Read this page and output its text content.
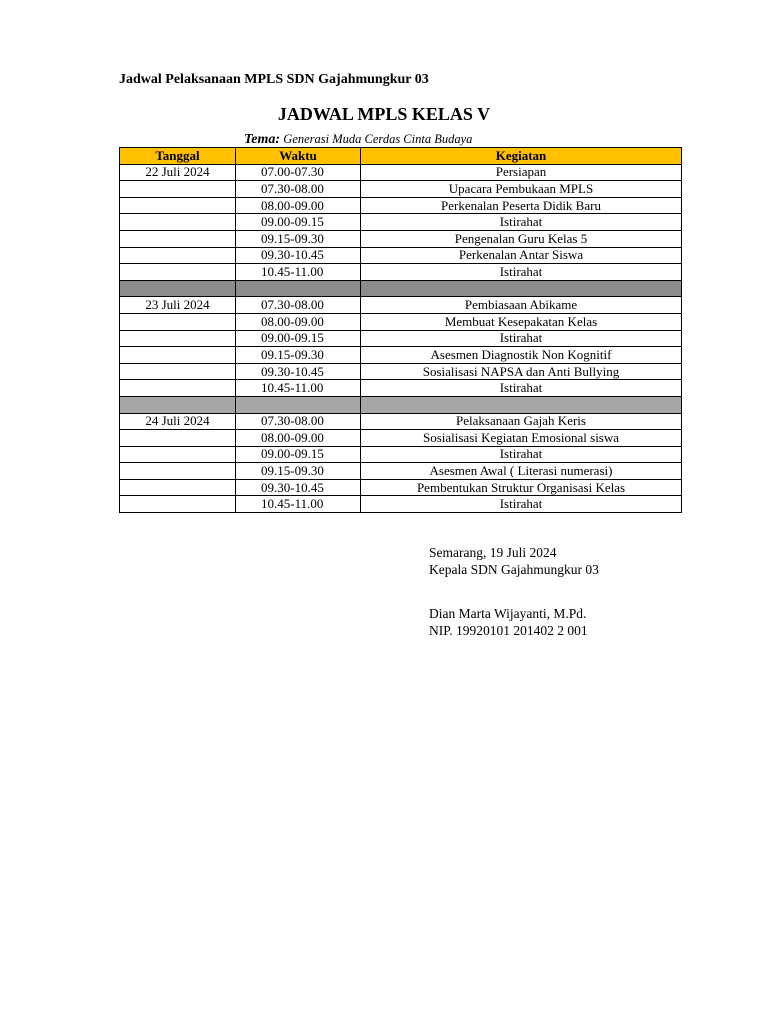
Jadwal Pelaksanaan MPLS SDN Gajahmungkur 03
JADWAL MPLS KELAS V
Tema: Generasi Muda Cerdas Cinta Budaya
Tanggal	Waktu	Kegiatan
22 Juli 2024	07.00-07.30	Persiapan
	07.30-08.00	Upacara Pembukaan MPLS
	08.00-09.00	Perkenalan Peserta Didik Baru
	09.00-09.15	Istirahat
	09.15-09.30	Pengenalan Guru Kelas 5
	09.30-10.45	Perkenalan Antar Siswa
	10.45-11.00	Istirahat

23 Juli 2024	07.30-08.00	Pembiasaan Abikame
	08.00-09.00	Membuat Kesepakatan Kelas
	09.00-09.15	Istirahat
	09.15-09.30	Asesmen Diagnostik Non Kognitif
	09.30-10.45	Sosialisasi NAPSA dan Anti Bullying
	10.45-11.00	Istirahat

24 Juli 2024	07.30-08.00	Pelaksanaan Gajah Keris
	08.00-09.00	Sosialisasi Kegiatan Emosional siswa
	09.00-09.15	Istirahat
	09.15-09.30	Asesmen Awal ( Literasi numerasi)
	09.30-10.45	Pembentukan Struktur Organisasi Kelas
	10.45-11.00	Istirahat
Semarang, 19 Juli 2024
Kepala SDN Gajahmungkur 03
Dian Marta Wijayanti, M.Pd.
NIP. 19920101 201402 2 001
